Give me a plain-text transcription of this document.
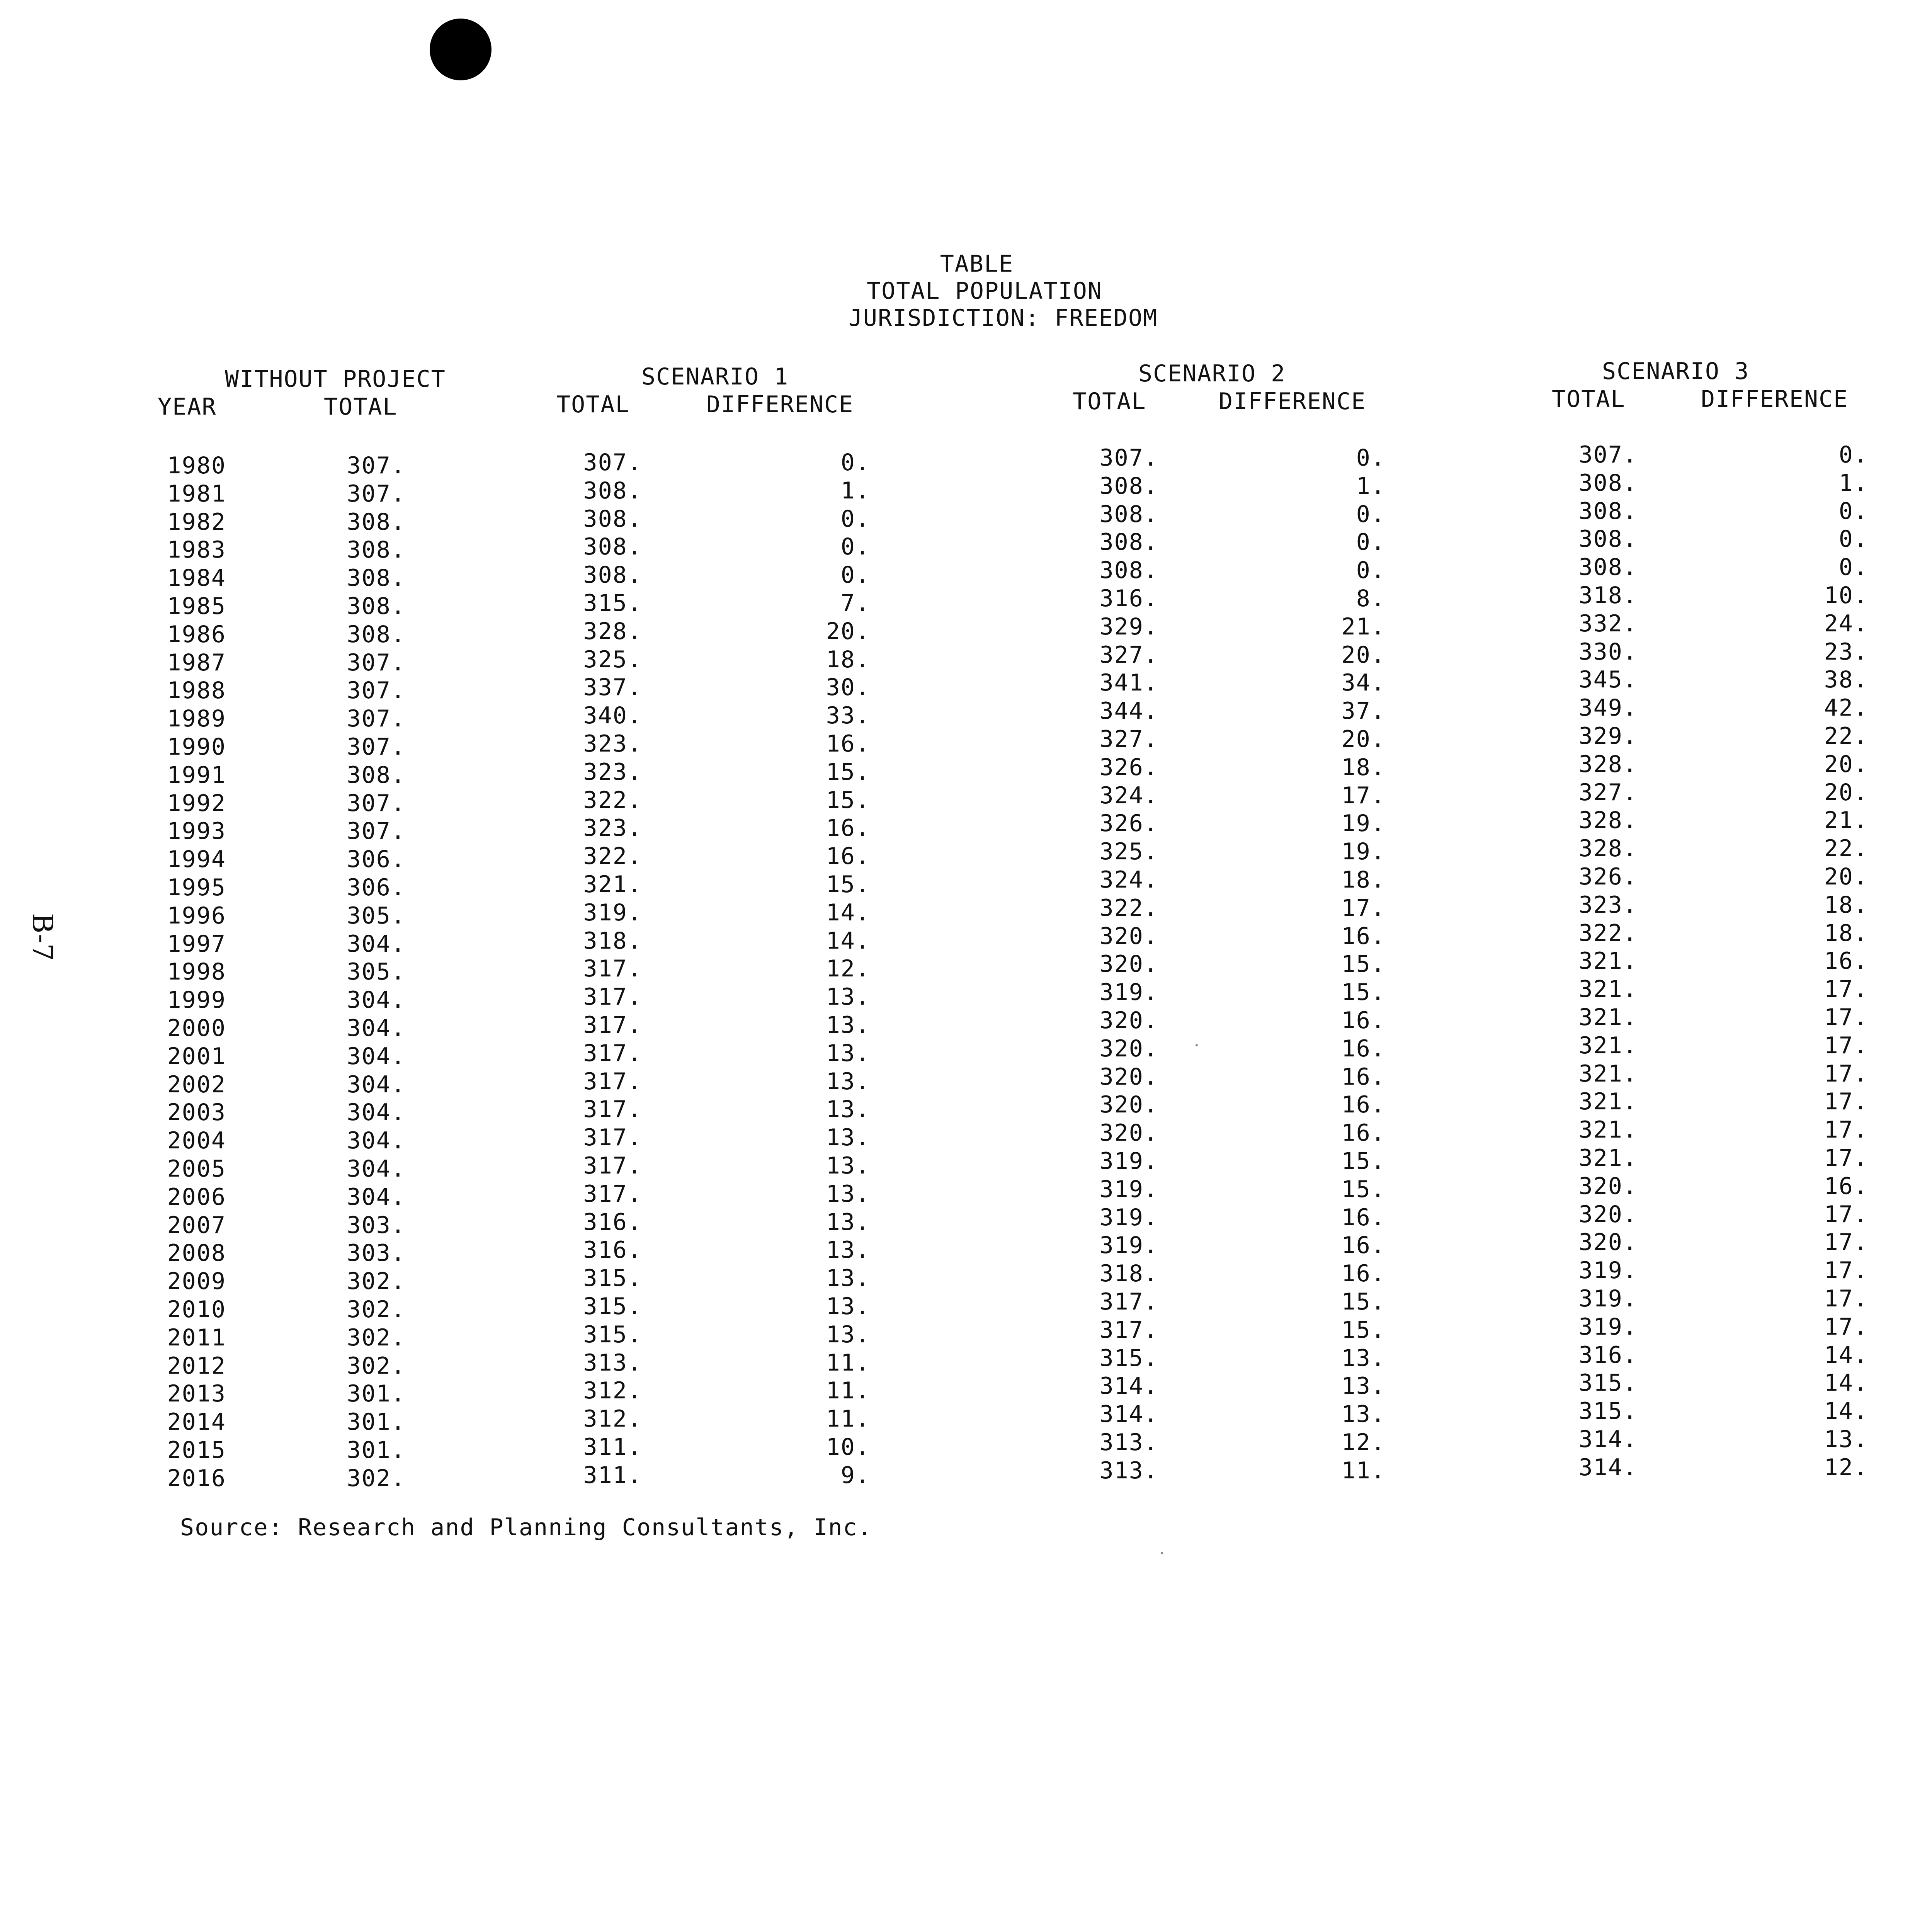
B-7
TABLE
TOTAL POPULATION
JURISDICTION: FREEDOM
WITHOUT PROJECT
YEAR	TOTAL
SCENARIO 1
TOTAL	DIFFERENCE
SCENARIO 2
TOTAL	DIFFERENCE
SCENARIO 3
TOTAL	DIFFERENCE
1980	307.	307.	0.	307.	0.	307.	0.
1981	307.	308.	1.	308.	1.	308.	1.
1982	308.	308.	0.	308.	0.	308.	0.
1983	308.	308.	0.	308.	0.	308.	0.
1984	308.	308.	0.	308.	0.	308.	0.
1985	308.	315.	7.	316.	8.	318.	10.
1986	308.	328.	20.	329.	21.	332.	24.
1987	307.	325.	18.	327.	20.	330.	23.
1988	307.	337.	30.	341.	34.	345.	38.
1989	307.	340.	33.	344.	37.	349.	42.
1990	307.	323.	16.	327.	20.	329.	22.
1991	308.	323.	15.	326.	18.	328.	20.
1992	307.	322.	15.	324.	17.	327.	20.
1993	307.	323.	16.	326.	19.	328.	21.
1994	306.	322.	16.	325.	19.	328.	22.
1995	306.	321.	15.	324.	18.	326.	20.
1996	305.	319.	14.	322.	17.	323.	18.
1997	304.	318.	14.	320.	16.	322.	18.
1998	305.	317.	12.	320.	15.	321.	16.
1999	304.	317.	13.	319.	15.	321.	17.
2000	304.	317.	13.	320.	16.	321.	17.
2001	304.	317.	13.	320.	16.	321.	17.
2002	304.	317.	13.	320.	16.	321.	17.
2003	304.	317.	13.	320.	16.	321.	17.
2004	304.	317.	13.	320.	16.	321.	17.
2005	304.	317.	13.	319.	15.	321.	17.
2006	304.	317.	13.	319.	15.	320.	16.
2007	303.	316.	13.	319.	16.	320.	17.
2008	303.	316.	13.	319.	16.	320.	17.
2009	302.	315.	13.	318.	16.	319.	17.
2010	302.	315.	13.	317.	15.	319.	17.
2011	302.	315.	13.	317.	15.	319.	17.
2012	302.	313.	11.	315.	13.	316.	14.
2013	301.	312.	11.	314.	13.	315.	14.
2014	301.	312.	11.	314.	13.	315.	14.
2015	301.	311.	10.	313.	12.	314.	13.
2016	302.	311.	9.	313.	11.	314.	12.
Source: Research and Planning Consultants, Inc.
